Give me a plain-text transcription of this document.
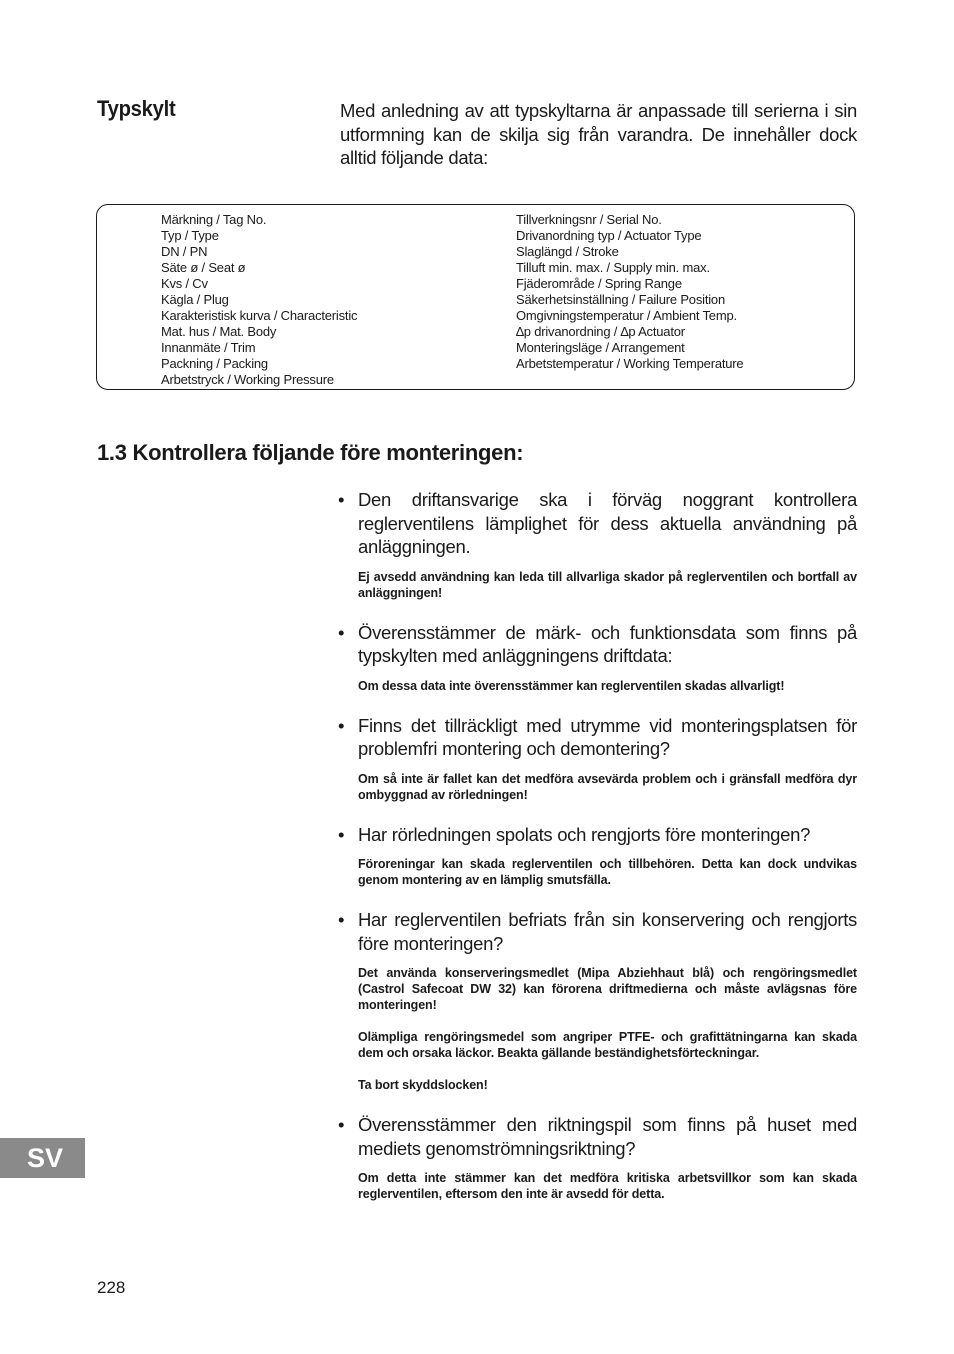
Typskylt	Med anledning av att typskyltarna är anpassade till serierna i sin utformning kan de skilja sig från varandra. De innehåller dock alltid följande data:
Märkning / Tag No.
Typ / Type
DN / PN
Säte ø / Seat ø
Kvs / Cv
Kägla / Plug
Karakteristisk kurva / Characteristic
Mat. hus / Mat. Body
Innanmäte / Trim
Packning / Packing
Arbetstryck / Working Pressure
Tillverkningsnr / Serial No.
Drivanordning typ / Actuator Type
Slaglängd / Stroke
Tilluft min. max. / Supply min. max.
Fjäderområde / Spring Range
Säkerhetsinställning / Failure Position
Omgivningstemperatur / Ambient Temp.
∆p drivanordning / ∆p Actuator
Monteringsläge / Arrangement
Arbetstemperatur / Working Temperature
1.3 Kontrollera följande före monteringen:
• Den driftansvarige ska i förväg noggrant kontrollera reglerventilens lämplighet för dess aktuella användning på anläggningen.
Ej avsedd användning kan leda till allvarliga skador på reglerventilen och bortfall av anläggningen!
• Överensstämmer de märk- och funktionsdata som finns på typskylten med anläggningens driftdata:
Om dessa data inte överensstämmer kan reglerventilen skadas allvarligt!
• Finns det tillräckligt med utrymme vid monteringsplatsen för problemfri montering och demontering?
Om så inte är fallet kan det medföra avsevärda problem och i gränsfall medföra dyr ombyggnad av rörledningen!
• Har rörledningen spolats och rengjorts före monteringen?
Föroreningar kan skada reglerventilen och tillbehören. Detta kan dock undvikas genom montering av en lämplig smutsfälla.
• Har reglerventilen befriats från sin konservering och rengjorts före monteringen?
Det använda konserveringsmedlet (Mipa Abziehhaut blå) och rengöringsmedlet (Castrol Safecoat DW 32) kan förorena driftmedierna och måste avlägsnas före monteringen!
Olämpliga rengöringsmedel som angriper PTFE- och grafittätningarna kan skada dem och orsaka läckor. Beakta gällande beständighetsförteckningar.
Ta bort skyddslocken!
• Överensstämmer den riktningspil som finns på huset med mediets genomströmningsriktning?
Om detta inte stämmer kan det medföra kritiska arbetsvillkor som kan skada reglerventilen, eftersom den inte är avsedd för detta.
SV
228
